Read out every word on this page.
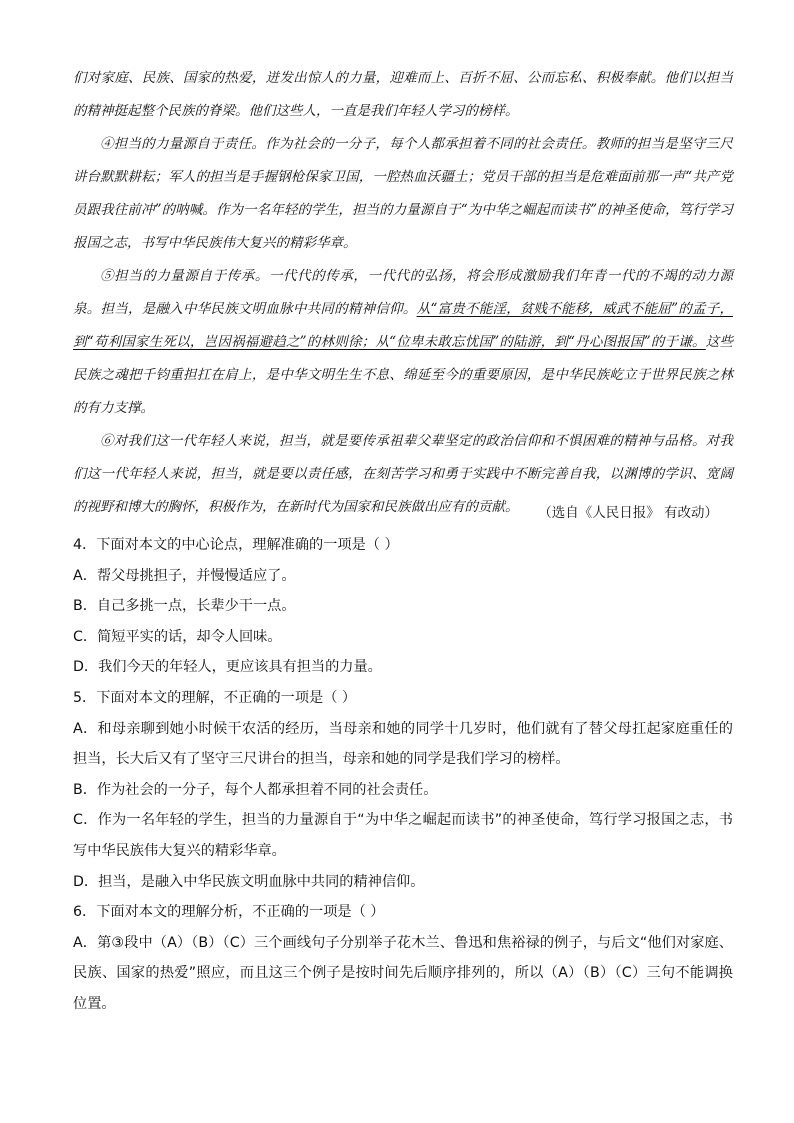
们对家庭、民族、国家的热爱，迸发出惊人的力量，迎难而上、百折不屈、公而忘私、积极奉献。他们以担当的精神挺起整个民族的脊梁。他们这些人，一直是我们年轻人学习的榜样。

④担当的力量源自于责任。作为社会的一分子，每个人都承担着不同的社会责任。教师的担当是坚守三尺讲台默默耕耘；军人的担当是手握钢枪保家卫国，一腔热血沃疆土；党员干部的担当是危难面前那一声“共产党员跟我往前冲”的呐喊。作为一名年轻的学生，担当的力量源自于“为中华之崛起而读书”的神圣使命，笃行学习报国之志，书写中华民族伟大复兴的精彩华章。

⑤担当的力量源自于传承。一代代的传承，一代代的弘扬，将会形成激励我们年青一代的不竭的动力源泉。担当，是融入中华民族文明血脉中共同的精神信仰。从“富贵不能淫，贫贱不能移，威武不能屈”的孟子，到“苟利国家生死以，岂因祸福避趋之”的林则徐；从“位卑未敢忘忧国”的陆游，到“丹心图报国”的于谦。这些民族之魂把千钧重担扛在肩上，是中华文明生生不息、绵延至今的重要原因，是中华民族屹立于世界民族之林的有力支撑。

⑥对我们这一代年轻人来说，担当，就是要传承祖辈父辈坚定的政治信仰和不惧困难的精神与品格。对我们这一代年轻人来说，担当，就是要以责任感，在刻苦学习和勇于实践中不断完善自我，以渊博的学识、宽阔的视野和博大的胸怀，积极作为，在新时代为国家和民族做出应有的贡献。	（选自《人民日报》 有改动）

4．下面对本文的中心论点，理解准确的一项是（ ）

A．帮父母挑担子，并慢慢适应了。

B．自己多挑一点，长辈少干一点。

C．简短平实的话，却令人回味。

D．我们今天的年轻人，更应该具有担当的力量。

5．下面对本文的理解，不正确的一项是（ ）

A．和母亲聊到她小时候干农活的经历，当母亲和她的同学十几岁时，他们就有了替父母扛起家庭重任的担当，长大后又有了坚守三尺讲台的担当，母亲和她的同学是我们学习的榜样。

B．作为社会的一分子，每个人都承担着不同的社会责任。

C．作为一名年轻的学生，担当的力量源自于“为中华之崛起而读书”的神圣使命，笃行学习报国之志，书写中华民族伟大复兴的精彩华章。

D．担当，是融入中华民族文明血脉中共同的精神信仰。

6．下面对本文的理解分析，不正确的一项是（ ）

A．第③段中（A）（B）（C）三个画线句子分别举子花木兰、鲁迅和焦裕禄的例子，与后文“他们对家庭、民族、国家的热爱”照应，而且这三个例子是按时间先后顺序排列的，所以（A）（B）（C）三句不能调换位置。
